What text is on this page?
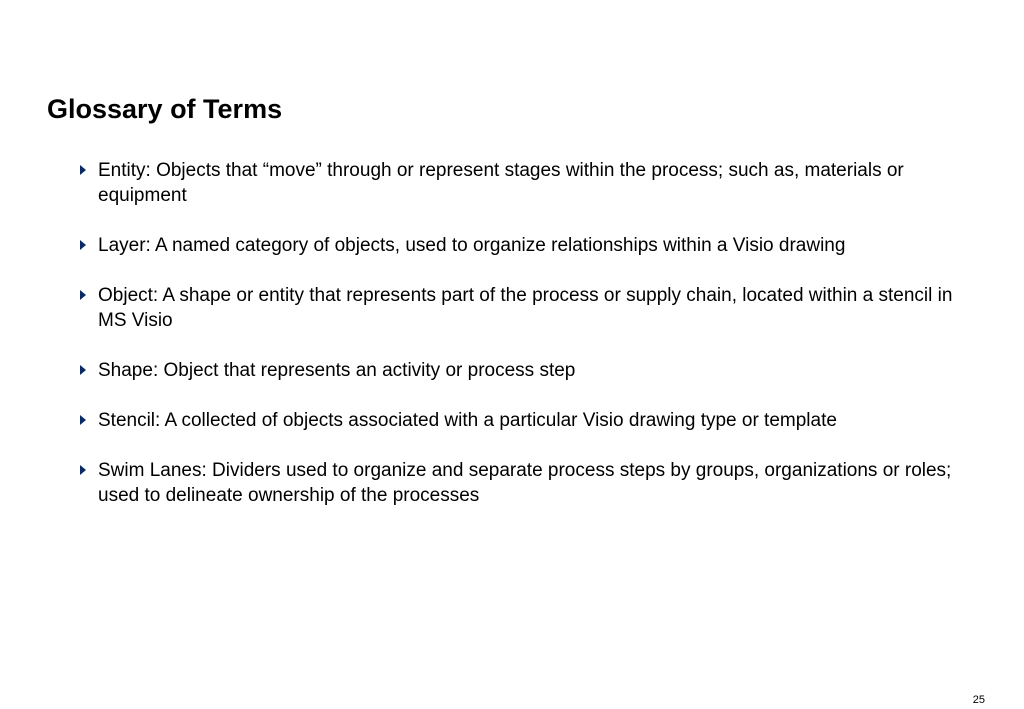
Glossary of Terms
Entity: Objects that “move” through or represent stages within the process; such as, materials or equipment
Layer: A named category of objects, used to organize relationships within a Visio drawing
Object: A shape or entity that represents part of the process or supply chain, located within a stencil in MS Visio
Shape: Object that represents an activity or process step
Stencil: A collected of objects associated with a particular Visio drawing type or template
Swim Lanes: Dividers used to organize and separate process steps by groups, organizations or roles; used to delineate ownership of the processes
25
